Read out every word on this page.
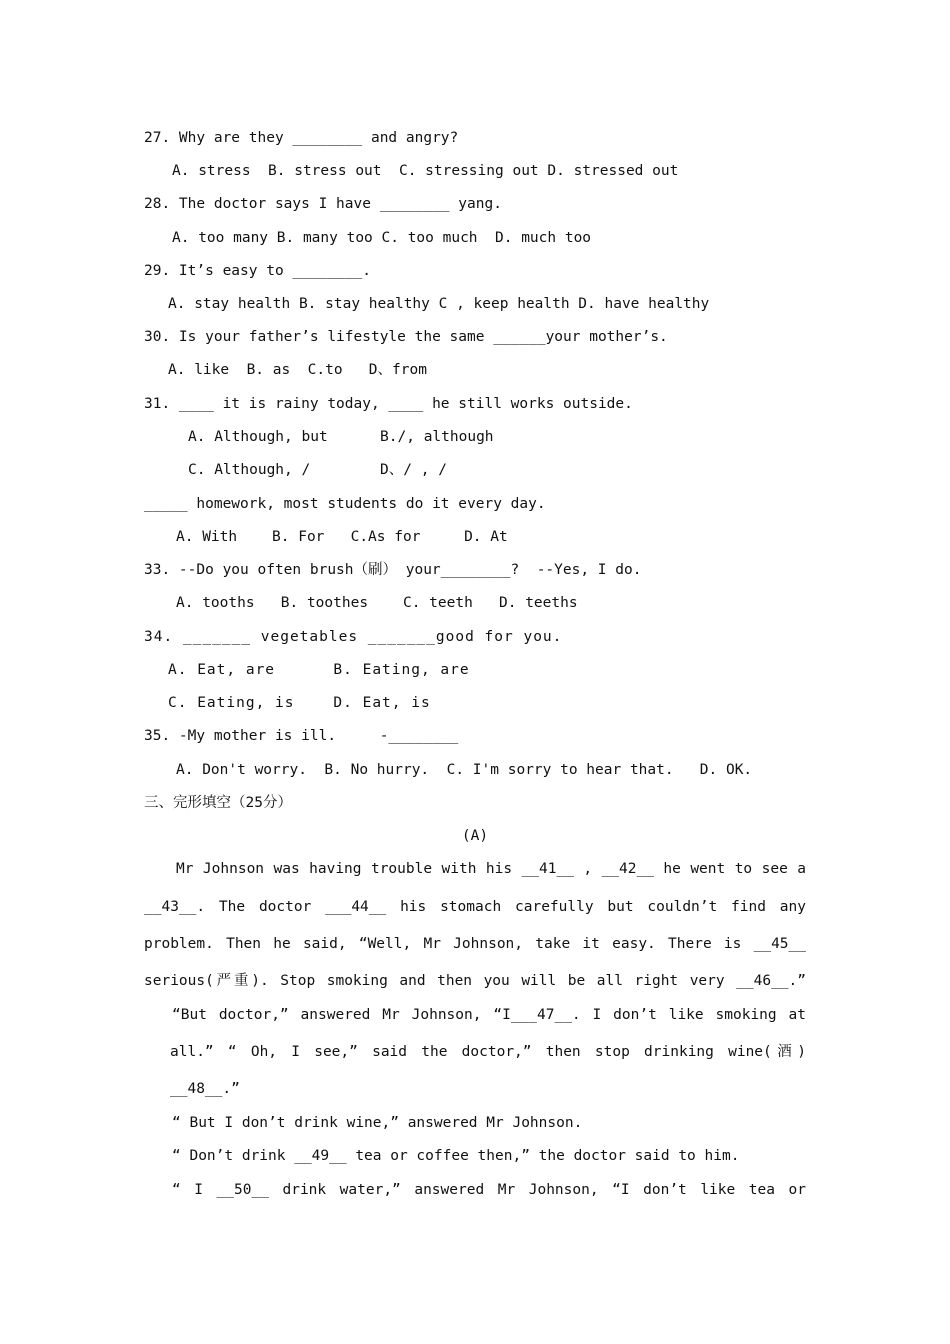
27. Why are they ________ and angry?
A. stress  B. stress out  C. stressing out D. stressed out
28. The doctor says I have ________ yang.
A. too many B. many too C. too much  D. much too
29. It’s easy to ________.
A. stay health B. stay healthy C , keep health D. have healthy
30. Is your father’s lifestyle the same ______your mother’s.
A. like  B. as  C.to   D、from
31. ____ it is rainy today, ____ he still works outside.
A. Although, but      B./, although
C. Although, /        D、/ , /
_____ homework, most students do it every day.
A. With    B. For   C.As for     D. At
33. --Do you often brush（刷） your________?  --Yes, I do.
A. tooths   B. toothes    C. teeth   D. teeths
34. _______ vegetables _______good for you.
A. Eat, are      B. Eating, are
C. Eating, is    D. Eat, is
35. -My mother is ill.     -________
A. Don't worry.  B. No hurry.  C. I'm sorry to hear that.   D. OK.
三、完形填空（25分）
(A)
Mr Johnson was having trouble with his __41__ , __42__ he went to see a
__43__. The doctor ___44__ his stomach carefully but couldn’t find any
problem. Then he said, “Well, Mr Johnson, take it easy. There is __45__
serious(严重). Stop smoking and then you will be all right very __46__.”
“But doctor,” answered Mr Johnson, “I___47__. I don’t like smoking at
all.” “ Oh, I see,” said the doctor,” then stop drinking wine(酒)
__48__.”
“ But I don’t drink wine,” answered Mr Johnson.
“ Don’t drink __49__ tea or coffee then,” the doctor said to him.
“ I __50__ drink water,” answered Mr Johnson, “I don’t like tea or
